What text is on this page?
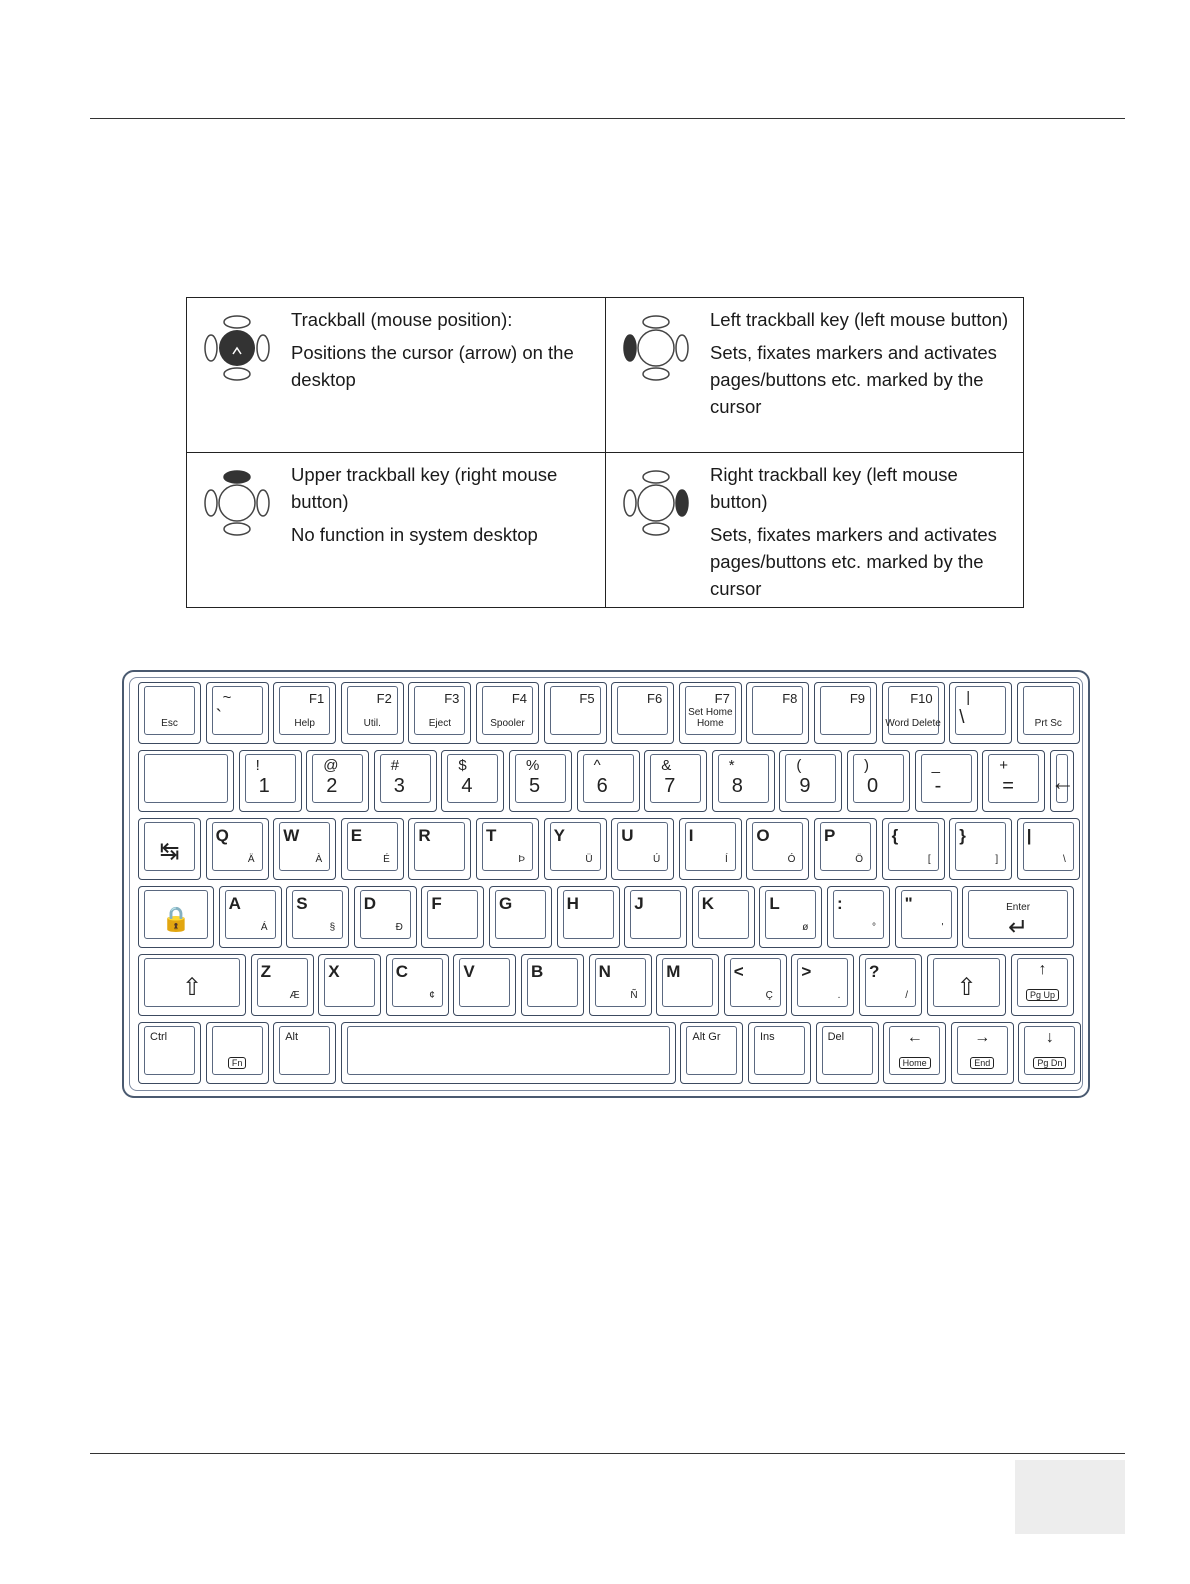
Trackball (mouse position):

Positions the cursor (arrow) on the desktop

Left trackball key (left mouse button)

Sets, fixates markers and activates pages/buttons etc. marked by the cursor

Upper trackball key (right mouse button)

No function in system desktop

Right trackball key (left mouse button)

Sets, fixates markers and activates pages/buttons etc. marked by the cursor

Esc
~
`
F1
Help
F2
Util.
F3
Eject
F4
Spooler
F5	F6	F7
Set Home Home
F8	F9	F10
Word Delete
|
\	Prt Sc
!
1
@
2
#
3
$
4
%
5
^
6
&
7
*
8
(
9
)
0
_
-
+
= ←
↹
Q
Ä
W
À
E
É
R	T
Þ
Y
Ü
U
Ú
I
Í
O
Ó
P
Ö
{
[
}
]
|
\
🔒
A
Á
S
§
D
Ð
F	G	H	J	K	L
ø
:
°
"
'
Enter
↵
⇧
Z
Æ
X	C
¢
V	B	N
Ñ
M	<
Ç
>
.
?
/	⇧
↑
Pg Up
Ctrl
Fn
Alt	Alt Gr	Ins	Del	←
Home
→
End
↓
Pg Dn
